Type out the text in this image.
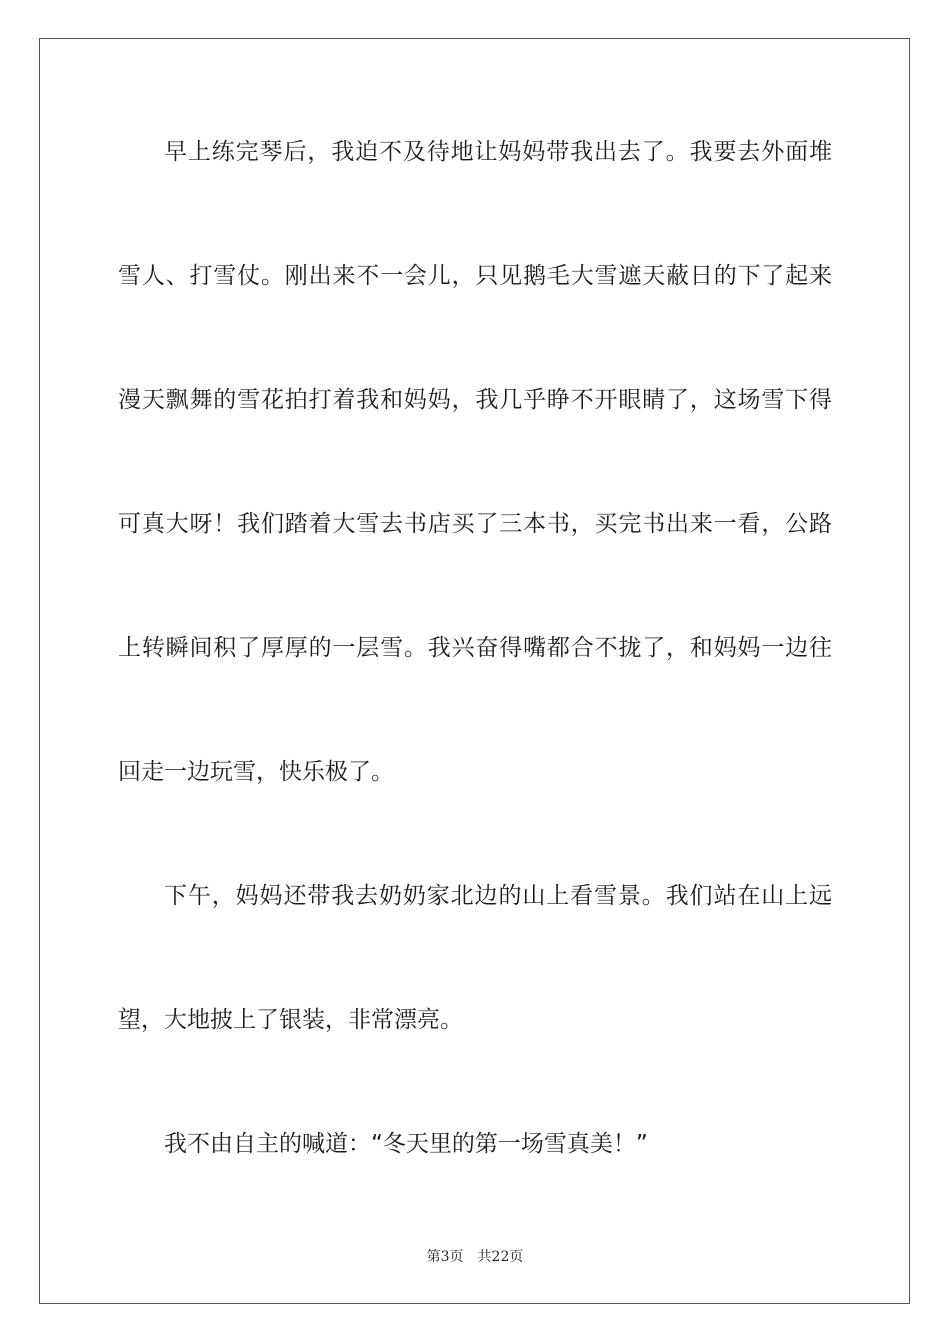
早上练完琴后，我迫不及待地让妈妈带我出去了。我要去外面堆
雪人、打雪仗。刚出来不一会儿，只见鹅毛大雪遮天蔽日的下了起来
漫天飘舞的雪花拍打着我和妈妈，我几乎睁不开眼睛了，这场雪下得
可真大呀！我们踏着大雪去书店买了三本书，买完书出来一看，公路
上转瞬间积了厚厚的一层雪。我兴奋得嘴都合不拢了，和妈妈一边往
回走一边玩雪，快乐极了。
下午，妈妈还带我去奶奶家北边的山上看雪景。我们站在山上远
望，大地披上了银装，非常漂亮。
我不由自主的喊道：“冬天里的第一场雪真美！”
第3页 共22页
